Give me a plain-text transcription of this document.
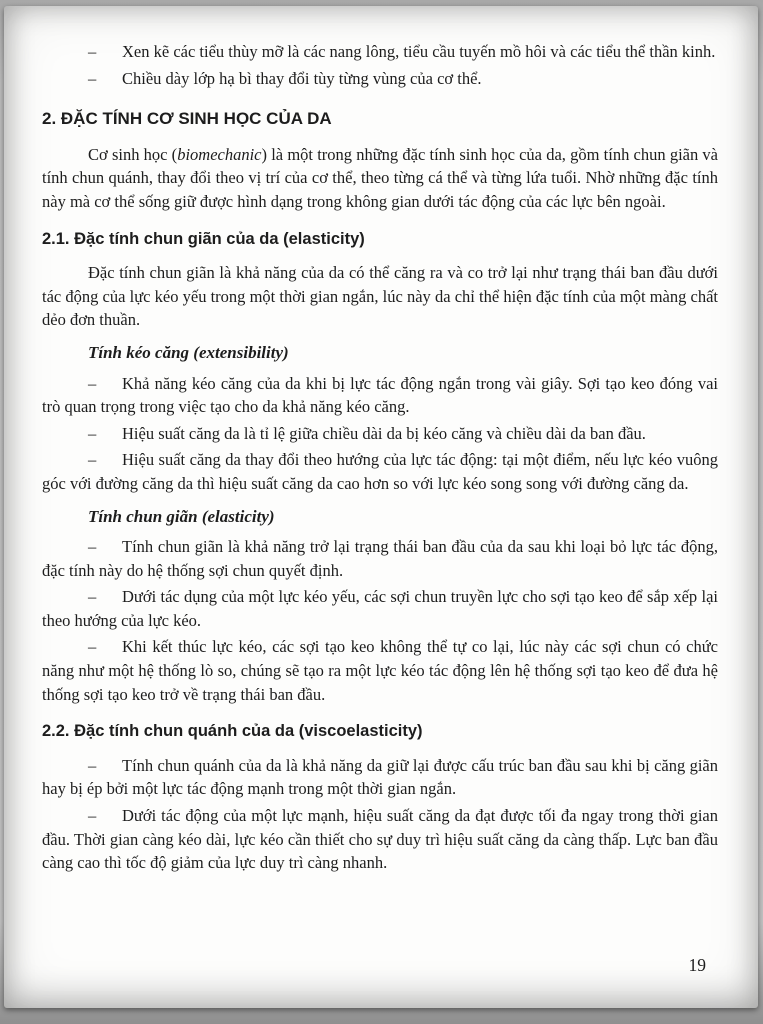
– Xen kẽ các tiểu thùy mỡ là các nang lông, tiểu cầu tuyến mồ hôi và các tiểu thể thần kinh.

– Chiều dày lớp hạ bì thay đổi tùy từng vùng của cơ thể.

2. ĐẶC TÍNH CƠ SINH HỌC CỦA DA

Cơ sinh học (biomechanic) là một trong những đặc tính sinh học của da, gồm tính chun giãn và tính chun quánh, thay đổi theo vị trí của cơ thể, theo từng cá thể và từng lứa tuổi. Nhờ những đặc tính này mà cơ thể sống giữ được hình dạng trong không gian dưới tác động của các lực bên ngoài.

2.1. Đặc tính chun giãn của da (elasticity)

Đặc tính chun giãn là khả năng của da có thể căng ra và co trở lại như trạng thái ban đầu dưới tác động của lực kéo yếu trong một thời gian ngắn, lúc này da chỉ thể hiện đặc tính của một màng chất dẻo đơn thuần.

Tính kéo căng (extensibility)

– Khả năng kéo căng của da khi bị lực tác động ngắn trong vài giây. Sợi tạo keo đóng vai trò quan trọng trong việc tạo cho da khả năng kéo căng.

– Hiệu suất căng da là tỉ lệ giữa chiều dài da bị kéo căng và chiều dài da ban đầu.

– Hiệu suất căng da thay đổi theo hướng của lực tác động: tại một điểm, nếu lực kéo vuông góc với đường căng da thì hiệu suất căng da cao hơn so với lực kéo song song với đường căng da.

Tính chun giãn (elasticity)

– Tính chun giãn là khả năng trở lại trạng thái ban đầu của da sau khi loại bỏ lực tác động, đặc tính này do hệ thống sợi chun quyết định.

– Dưới tác dụng của một lực kéo yếu, các sợi chun truyền lực cho sợi tạo keo để sắp xếp lại theo hướng của lực kéo.

– Khi kết thúc lực kéo, các sợi tạo keo không thể tự co lại, lúc này các sợi chun có chức năng như một hệ thống lò so, chúng sẽ tạo ra một lực kéo tác động lên hệ thống sợi tạo keo để đưa hệ thống sợi tạo keo trở về trạng thái ban đầu.

2.2. Đặc tính chun quánh của da (viscoelasticity)

– Tính chun quánh của da là khả năng da giữ lại được cấu trúc ban đầu sau khi bị căng giãn hay bị ép bởi một lực tác động mạnh trong một thời gian ngắn.

– Dưới tác động của một lực mạnh, hiệu suất căng da đạt được tối đa ngay trong thời gian đầu. Thời gian càng kéo dài, lực kéo cần thiết cho sự duy trì hiệu suất căng da càng thấp. Lực ban đầu càng cao thì tốc độ giảm của lực duy trì càng nhanh.

19
